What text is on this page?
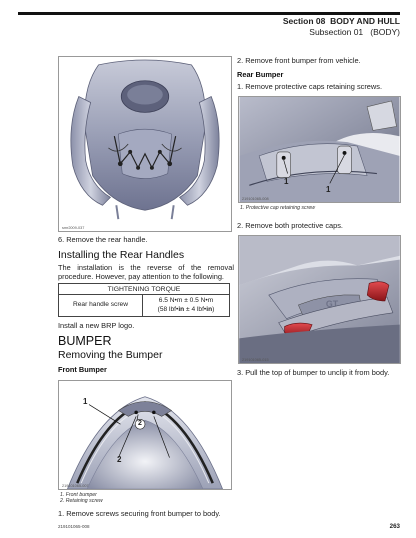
Section 08 BODY AND HULL
Subsection 01 (BODY)
smr2009-037
6. Remove the rear handle.
Installing the Rear Handles
The installation is the reverse of the removal procedure. However, pay attention to the following.
TIGHTENING TORQUE
Rear handle screw	6.5 N•m ± 0.5 N•m
(58 lbf•in ± 4 lbf•in)
Install a new BRP logo.
BUMPER
Removing the Bumper
Front Bumper
1
2
2
219101065-007
1. Front bumper
2. Retaining screw
1. Remove screws securing front bumper to body.
2. Remove front bumper from vehicle.
Rear Bumper
1. Remove protective caps retaining screws.
1
1
219101065-008
1. Protective cap retaining screw
2. Remove both protective caps.
GT
219101065-015
3. Pull the top of bumper to unclip it from body.
219101065-008	263
